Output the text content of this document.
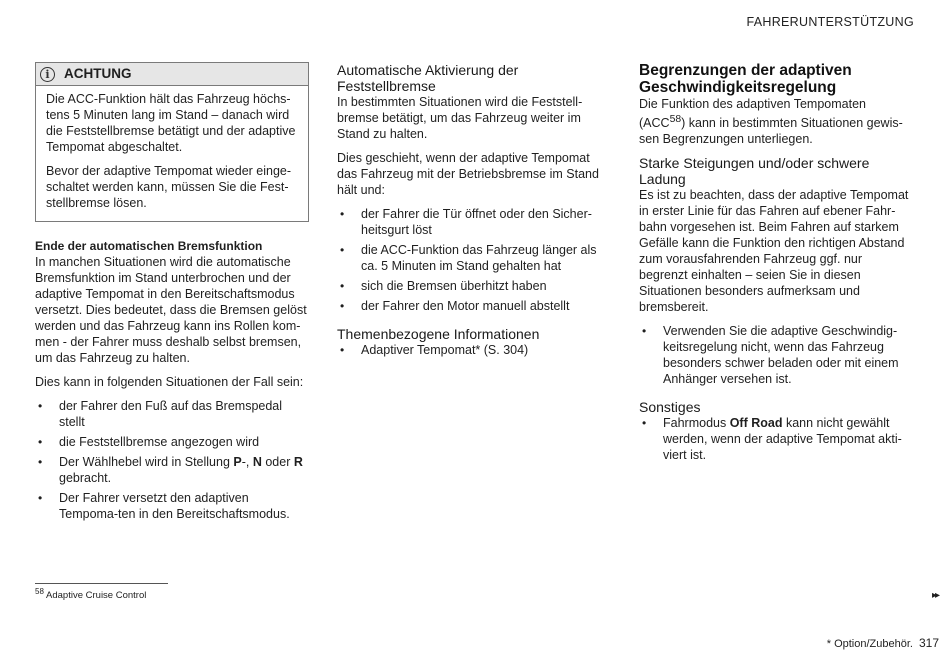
FAHRERUNTERSTÜTZUNG
i	ACHTUNG

Die ACC-Funktion hält das Fahrzeug höchs-tens 5 Minuten lang im Stand – danach wird die Feststellbremse betätigt und der adaptive Tempomat abgeschaltet.

Bevor der adaptive Tempomat wieder einge-schaltet werden kann, müssen Sie die Fest-stellbremse lösen.

Ende der automatischen Bremsfunktion

In manchen Situationen wird die automatische Bremsfunktion im Stand unterbrochen und der adaptive Tempomat in den Bereitschaftsmodus versetzt. Dies bedeutet, dass die Bremsen gelöst werden und das Fahrzeug kann ins Rollen kom-men - der Fahrer muss deshalb selbst bremsen, um das Fahrzeug zu halten.

Dies kann in folgenden Situationen der Fall sein:

• der Fahrer den Fuß auf das Bremspedal stellt
• die Feststellbremse angezogen wird
• Der Wählhebel wird in Stellung P-, N oder R gebracht.
• Der Fahrer versetzt den adaptiven Tempoma-ten in den Bereitschaftsmodus.
Automatische Aktivierung der Feststellbremse

In bestimmten Situationen wird die Feststell-bremse betätigt, um das Fahrzeug weiter im Stand zu halten.

Dies geschieht, wenn der adaptive Tempomat das Fahrzeug mit der Betriebsbremse im Stand hält und:

• der Fahrer die Tür öffnet oder den Sicher-heitsgurt löst
• die ACC-Funktion das Fahrzeug länger als ca. 5 Minuten im Stand gehalten hat
• sich die Bremsen überhitzt haben
• der Fahrer den Motor manuell abstellt
Themenbezogene Informationen
• Adaptiver Tempomat* (S. 304)
Begrenzungen der adaptiven Geschwindigkeitsregelung

Die Funktion des adaptiven Tempomaten (ACC$^{58}$) kann in bestimmten Situationen gewis-sen Begrenzungen unterliegen.

Starke Steigungen und/oder schwere Ladung

Es ist zu beachten, dass der adaptive Tempomat in erster Linie für das Fahren auf ebener Fahr-bahn vorgesehen ist. Beim Fahren auf starkem Gefälle kann die Funktion den richtigen Abstand zum vorausfahrenden Fahrzeug ggf. nur begrenzt einhalten – seien Sie in diesen Situationen besonders aufmerksam und bremsbereit.

• Verwenden Sie die adaptive Geschwindig-keitsregelung nicht, wenn das Fahrzeug besonders schwer beladen oder mit einem Anhänger versehen ist.
Sonstiges
• Fahrmodus Off Road kann nicht gewählt werden, wenn der adaptive Tempomat akti-viert ist.
$^{58}$ Adaptive Cruise Control	▸▸
* Option/Zubehör. 317
